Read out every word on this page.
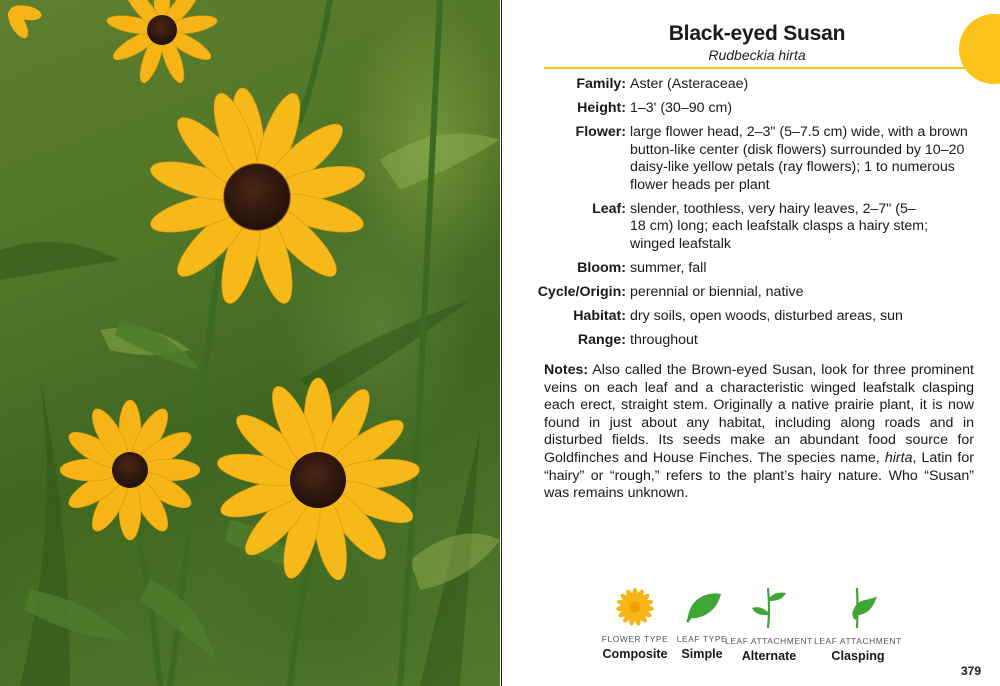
Black-eyed Susan
Rudbeckia hirta
Family: Aster (Asteraceae)
Height: 1–3' (30–90 cm)
Flower: large flower head, 2–3" (5–7.5 cm) wide, with a brown button-like center (disk flowers) surrounded by 10–20 daisy-like yellow petals (ray flowers); 1 to numerous flower heads per plant
Leaf: slender, toothless, very hairy leaves, 2–7" (5–18 cm) long; each leafstalk clasps a hairy stem; winged leafstalk
Bloom: summer, fall
Cycle/Origin: perennial or biennial, native
Habitat: dry soils, open woods, disturbed areas, sun
Range: throughout
Notes: Also called the Brown-eyed Susan, look for three prominent veins on each leaf and a characteristic winged leafstalk clasping each erect, straight stem. Originally a native prairie plant, it is now found in just about any habitat, including along roads and in disturbed fields. Its seeds make an abundant food source for Goldfinches and House Finches. The species name, hirta, Latin for “hairy” or “rough,” refers to the plant’s hairy nature. Who “Susan” was remains unknown.
FLOWER TYPE
Composite
LEAF TYPE
Simple
LEAF ATTACHMENT
Alternate
LEAF ATTACHMENT
Clasping
379
